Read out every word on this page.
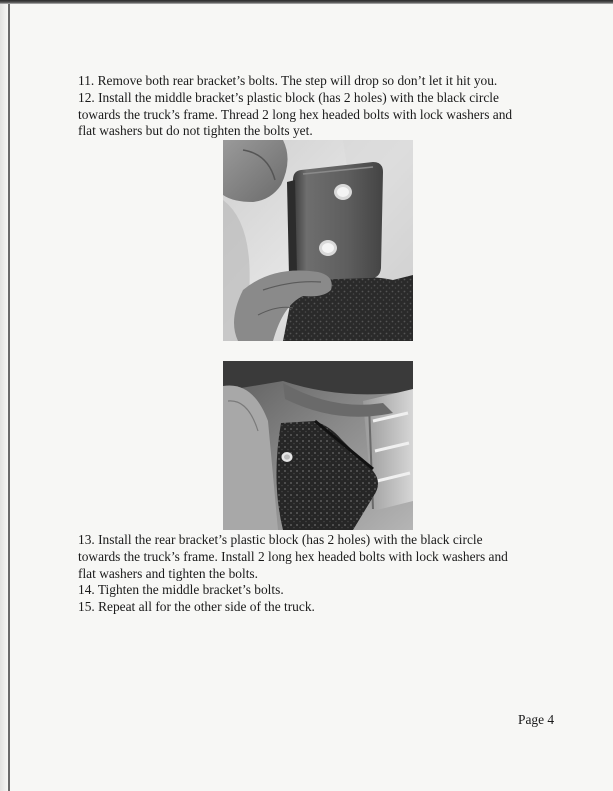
11. Remove both rear bracket’s bolts. The step will drop so don’t let it hit you.

12. Install the middle bracket’s plastic block (has 2 holes) with the black circle

towards the truck’s frame. Thread 2 long hex headed bolts with lock washers and

flat washers but do not tighten the bolts yet.

13. Install the rear bracket’s plastic block (has 2 holes) with the black circle

towards the truck’s frame. Install 2 long hex headed bolts with lock washers and

flat washers and tighten the bolts.

14. Tighten the middle bracket’s bolts.

15. Repeat all for the other side of the truck.

Page 4
